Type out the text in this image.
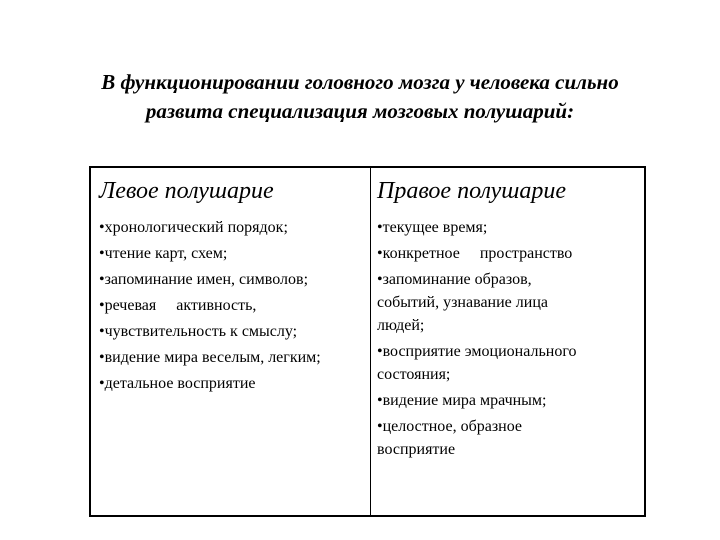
В функционировании головного мозга у человека сильно
развита специализация мозговых полушарий:
Левое полушарие
•хронологический порядок;
•чтение карт, схем;
•запоминание имен, символов;
•речевая     активность,
•чувствительность к смыслу;
•видение мира веселым, легким;
•детальное восприятие
Правое полушарие
•текущее время;
•конкретное     пространство
•запоминание образов, событий, узнавание лица людей;
•восприятие эмоционального состояния;
•видение мира мрачным;
•целостное, образное восприятие
